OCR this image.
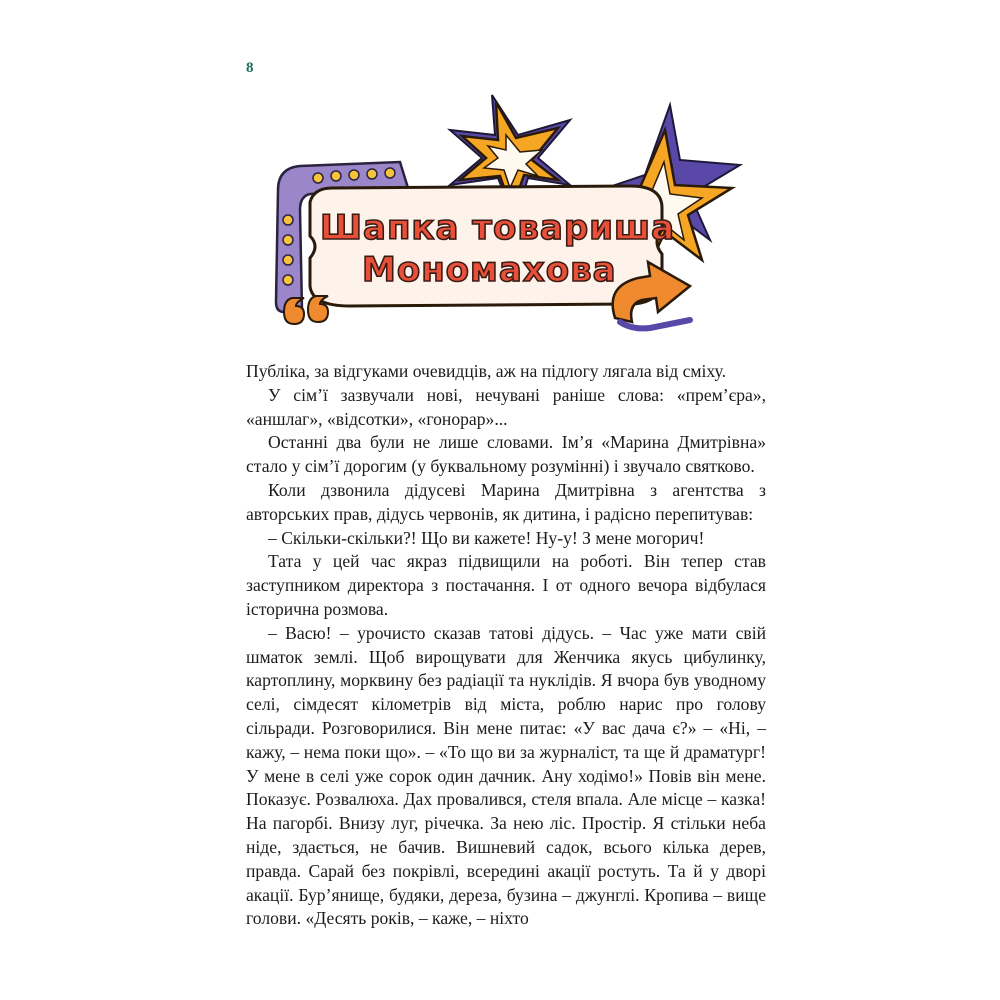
8
Шапка товариша
Мономахова

Публіка, за відгуками очевидців, аж на підлогу лягала від сміху.

У сім’ї зазвучали нові, нечувані раніше слова: «прем’єра», «аншлаг», «відсотки», «гонорар»...

Останні два були не лише словами. Ім’я «Марина Дмитрівна» стало у сім’ї дорогим (у буквальному розумінні) і звучало святково.

Коли дзвонила дідусеві Марина Дмитрівна з агентства з авторських прав, дідусь червонів, як дитина, і радісно перепитував:

– Скільки-скільки?! Що ви кажете! Ну-у! З мене могорич!

Тата у цей час якраз підвищили на роботі. Він тепер став заступником директора з постачання. І от одного вечора відбулася історична розмова.

– Васю! – урочисто сказав татові дідусь. – Час уже мати свій шматок землі. Щоб вирощувати для Женчика якусь цибулинку, картоплину, морквину без радіації та нуклідів. Я вчора був уводному селі, сімдесят кілометрів від міста, роблю нарис про голову сільради. Розговорилися. Він мене питає: «У вас дача є?» – «Ні, – кажу, – нема поки що». – «То що ви за журналіст, та ще й драматург! У мене в селі уже сорок один дачник. Ану ходімо!» Повів він мене. Показує. Розвалюха. Дах провалився, стеля впала. Але місце – казка! На пагорбі. Внизу луг, річечка. За нею ліс. Простір. Я стільки неба ніде, здається, не бачив. Вишневий садок, всього кілька дерев, правда. Сарай без покрівлі, всередині акації ростуть. Та й у дворі акації. Бур’янище, будяки, дереза, бузина – джунглі. Кропива – вище голови. «Десять років, – каже, – ніхто
